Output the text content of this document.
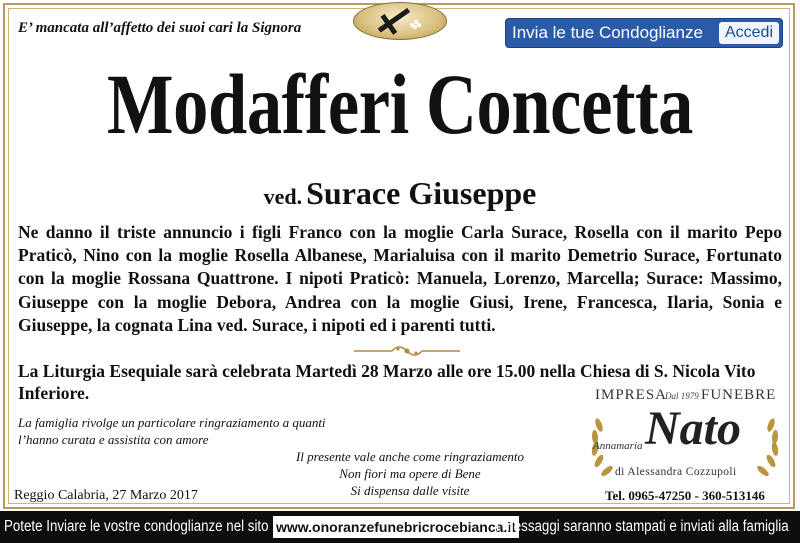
E’ mancata all’affetto dei suoi cari la Signora	Invia le tue Condoglianze	Accedi
Modafferi Concetta
ved. Surace Giuseppe
Ne danno il triste annuncio i figli Franco con la moglie Carla Surace, Rosella con il marito Pepo Praticò, Nino con la moglie Rosella Albanese, Marialuisa con il marito Demetrio Surace, Fortunato con la moglie Rossana Quattrone. I nipoti Praticò: Manuela, Lorenzo, Marcella; Surace: Massimo, Giuseppe con la moglie Debora, Andrea con la moglie Giusi, Irene, Francesca, Ilaria, Sonia e Giuseppe, la cognata Lina ved. Surace, i nipoti ed i parenti tutti.
La Liturgia Esequiale sarà celebrata Martedì 28 Marzo alle ore 15.00 nella Chiesa di S. Nicola Vito Inferiore.
La famiglia rivolge un particolare ringraziamento a quanti l’hanno curata e assistita con amore
Il presente vale anche come ringraziamento
Non fiori ma opere di Bene
Si dispensa dalle visite
Reggio Calabria, 27 Marzo 2017
IMPRESA FUNEBRE
Dal 1979
Nato
Annamaria
di Alessandra Cozzupoli
Tel. 0965-47250 - 360-513146
Potete Inviare le vostre condoglianze nel sito www.onoranzefunebricrocebianca.it
i messaggi saranno stampati e inviati alla famiglia
